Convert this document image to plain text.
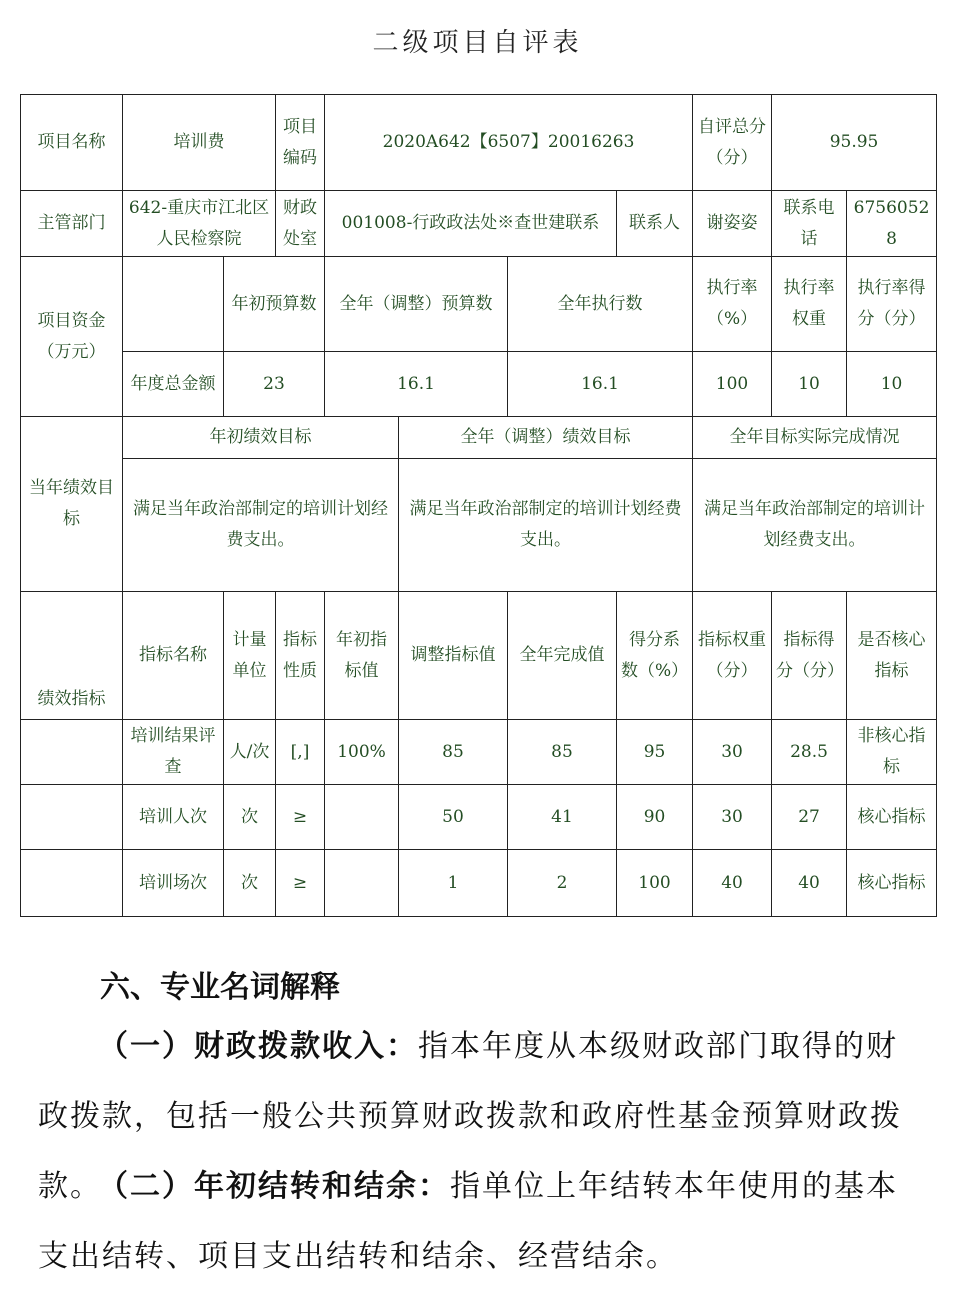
二级项目自评表
项目名称	培训费		项目编码	2020A642【6507】20016263				自评总分（分）	95.95	
主管部门	642-重庆市江北区人民检察院		财政处室	001008-行政政法处※查世建联系			联系人	谢姿姿	联系电话	67560528
项目资金（万元）		年初预算数		全年（调整）预算数		全年执行数		执行率（%）	执行率权重	执行率得分（分）
	年度总金额	23		16.1		16.1		100	10	10
当年绩效目标	年初绩效目标				全年（调整）绩效目标			全年目标实际完成情况		
	满足当年政治部制定的培训计划经费支出。				满足当年政治部制定的培训计划经费支出。			满足当年政治部制定的培训计划经费支出。		
绩效指标	指标名称	计量单位	指标性质	年初指标值	调整指标值	全年完成值	得分系数（%）	指标权重（分）	指标得分（分）	是否核心指标
	培训结果评查	人/次	[,]	100%	85	85	95	30	28.5	非核心指标
	培训人次	次	≥		50	41	90	30	27	核心指标
	培训场次	次	≥		1	2	100	40	40	核心指标
六、专业名词解释
（一）财政拨款收入：指本年度从本级财政部门取得的财政拨款，包括一般公共预算财政拨款和政府性基金预算财政拨款。
（二）年初结转和结余：指单位上年结转本年使用的基本支出结转、项目支出结转和结余、经营结余。
